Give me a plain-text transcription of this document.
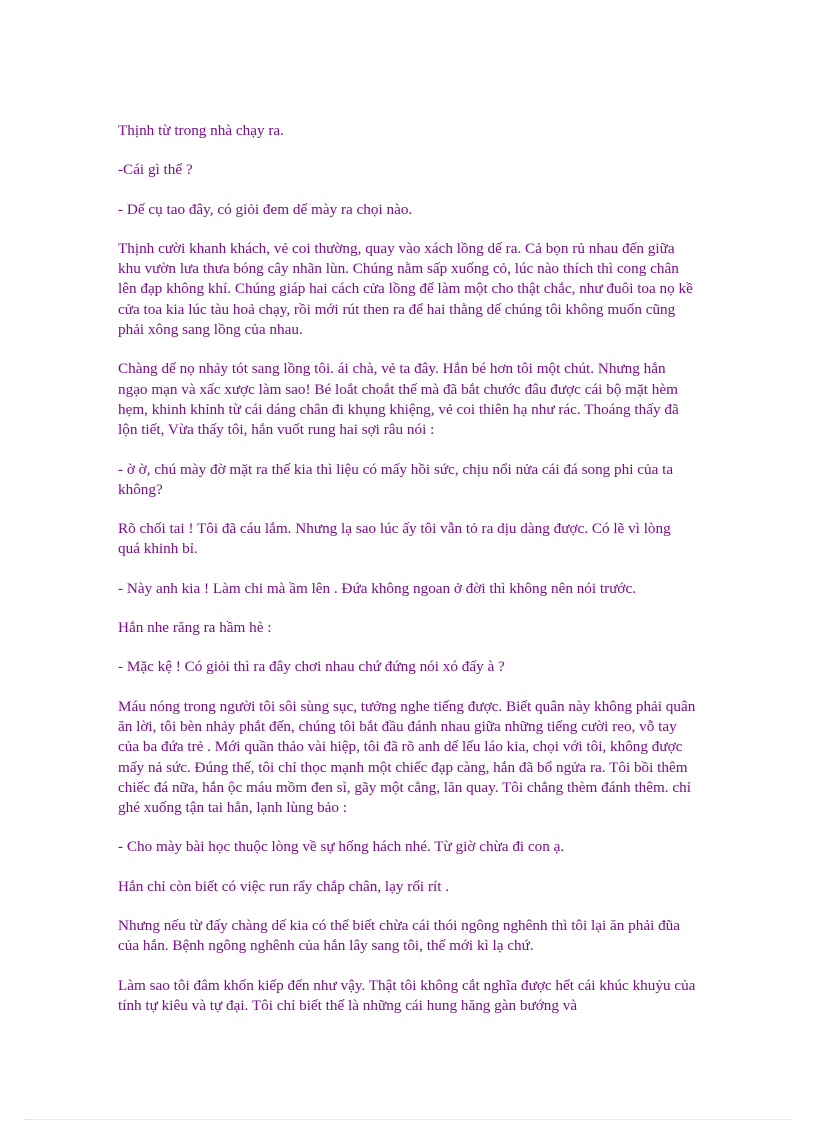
Thịnh từ trong nhà chạy ra.

-Cái gì thế ?

- Dế cụ tao đây, có giỏi đem dế mày ra chọi nào.

Thịnh cười khanh khách, vẻ coi thường, quay vào xách lồng dế ra. Cả bọn rủ nhau đến giữa khu vườn lưa thưa bóng cây nhãn lùn. Chúng nằm sấp xuống cỏ, lúc nào thích thì cong chân lên đạp không khí. Chúng giáp hai cách cửa lồng để làm một cho thật chắc, như đuôi toa nọ kề cửa toa kia lúc tàu hoả chạy, rồi mới rút then ra để hai thằng dế chúng tôi không muốn cũng phải xông sang lồng của nhau.

Chàng dế nọ nhảy tót sang lồng tôi. ái chà, vẻ ta đây. Hắn bé hơn tôi một chút. Nhưng hắn ngạo mạn và xấc xược làm sao! Bé loắt choắt thế mà đã bắt chước đâu được cái bộ mặt hèm hẹm, khinh khỉnh từ cái dáng chân đi khụng khiệng, vẻ coi thiên hạ như rác. Thoáng thấy đã lộn tiết, Vừa thấy tôi, hắn vuốt rung hai sợi râu nói :

- ờ ờ, chú mày đờ mặt ra thế kia thì liệu có mấy hồi sức, chịu nổi nửa cái đá song phi của ta không?

Rõ chối tai ! Tôi đã cáu lắm. Nhưng lạ sao lúc ấy tôi vẫn tỏ ra dịu dàng được. Có lẽ vì lòng quá khinh bỉ.

- Này anh kia ! Làm chi mà ầm lên . Đứa không ngoan ở đời thì không nên nói trước.

Hắn nhe răng ra hầm hè :

- Mặc kệ ! Có giỏi thì ra đây chơi nhau chứ đứng nói xó đấy à ?

Máu nóng trong người tôi sôi sùng sục, tưởng nghe tiếng được. Biết quân này không phải quân ăn lời, tôi bèn nhảy phắt đến, chúng tôi bắt đầu đánh nhau giữa những tiếng cười reo, vỗ tay của ba đứa trẻ . Mới quần thảo vài hiệp, tôi đã rõ anh dế lếu láo kia, chọi với tôi, không được mấy nả sức. Đúng thế, tôi chỉ thọc mạnh một chiếc đạp càng, hắn đã bổ ngửa ra. Tôi bồi thêm chiếc đá nữa, hắn ộc máu mồm đen sì, gãy một cẳng, lăn quay. Tôi chẳng thèm đánh thêm. chỉ ghé xuống tận tai hắn, lạnh lùng bảo :

- Cho mày bài học thuộc lòng về sự hống hách nhé. Từ giờ chừa đi con ạ.

Hắn chỉ còn biết có việc run rẩy chắp chân, lạy rối rít .

Nhưng nếu từ đấy chàng dế kia có thể biết chừa cái thói ngông nghênh thì tôi lại ăn phải đũa của hắn. Bệnh ngông nghênh của hắn lây sang tôi, thế mới kì lạ chứ.

Làm sao tôi đâm khốn kiếp đến như vậy. Thật tôi không cắt nghĩa được hết cái khúc khuỷu của tính tự kiêu và tự đại. Tôi chỉ biết thế là những cái hung hăng gàn bướng và
